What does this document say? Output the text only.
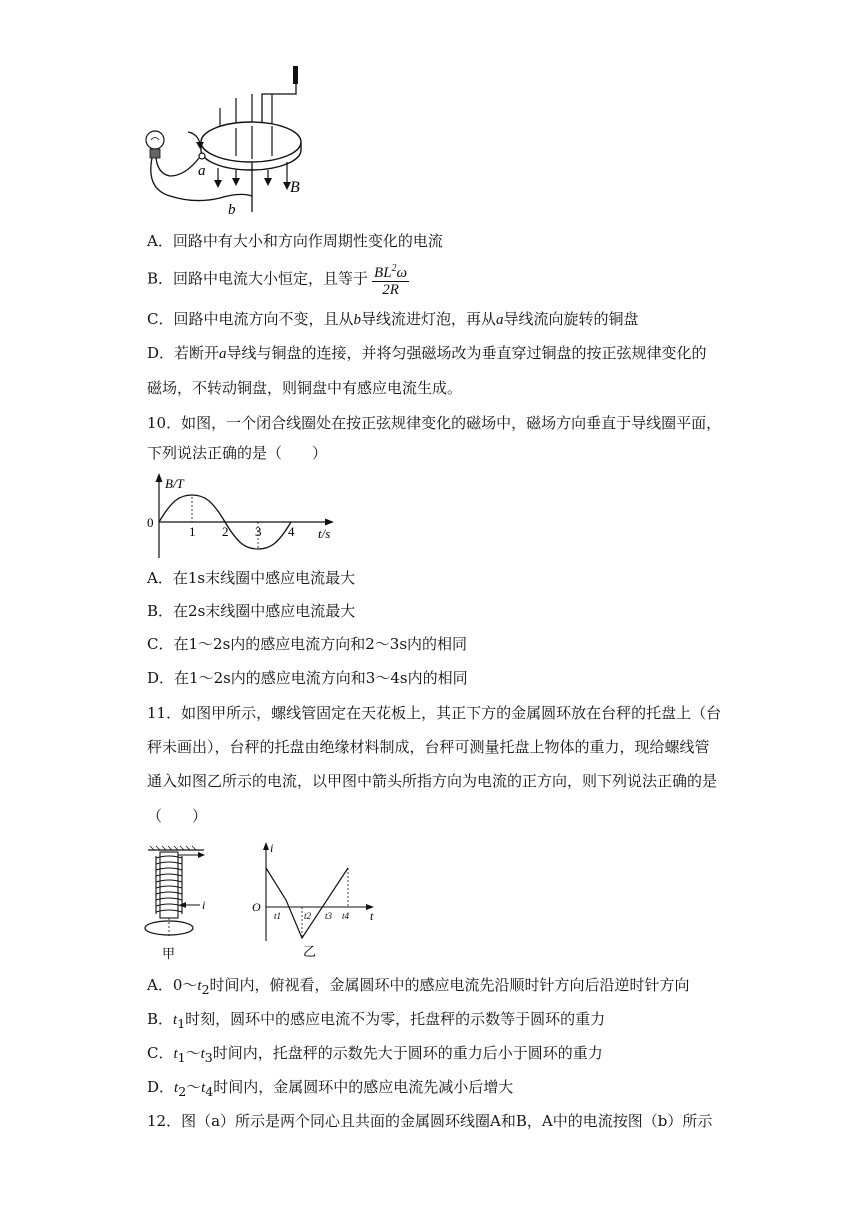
a
b
B
A．回路中有大小和方向作周期性变化的电流
B．回路中电流大小恒定，且等于 $\frac{BL^2\omega}{2R}$
C．回路中电流方向不变，且从b导线流进灯泡，再从a导线流向旋转的铜盘
D．若断开a导线与铜盘的连接，并将匀强磁场改为垂直穿过铜盘的按正弦规律变化的
磁场，不转动铜盘，则铜盘中有感应电流生成。
10．如图，一个闭合线圈处在按正弦规律变化的磁场中，磁场方向垂直于导线圈平面，
下列说法正确的是（　　）
B/T
0
1 2 3 4 t/s
A．在1s末线圈中感应电流最大
B．在2s末线圈中感应电流最大
C．在1～2s内的感应电流方向和2～3s内的相同
D．在1～2s内的感应电流方向和3～4s内的相同
11．如图甲所示，螺线管固定在天花板上，其正下方的金属圆环放在台秤的托盘上（台
秤未画出），台秤的托盘由绝缘材料制成，台秤可测量托盘上物体的重力，现给螺线管
通入如图乙所示的电流，以甲图中箭头所指方向为电流的正方向，则下列说法正确的是
（　　）
i
甲
i
O
t1	t2 t3 t4 t
乙
A．$0\sim t_2$时间内，俯视看，金属圆环中的感应电流先沿顺时针方向后沿逆时针方向
B．$t_1$时刻，圆环中的感应电流不为零，托盘秤的示数等于圆环的重力
C．$t_1\sim t_3$时间内，托盘秤的示数先大于圆环的重力后小于圆环的重力
D．$t_2\sim t_4$时间内，金属圆环中的感应电流先减小后增大
12．图（a）所示是两个同心且共面的金属圆环线圈A和B，A中的电流按图（b）所示
